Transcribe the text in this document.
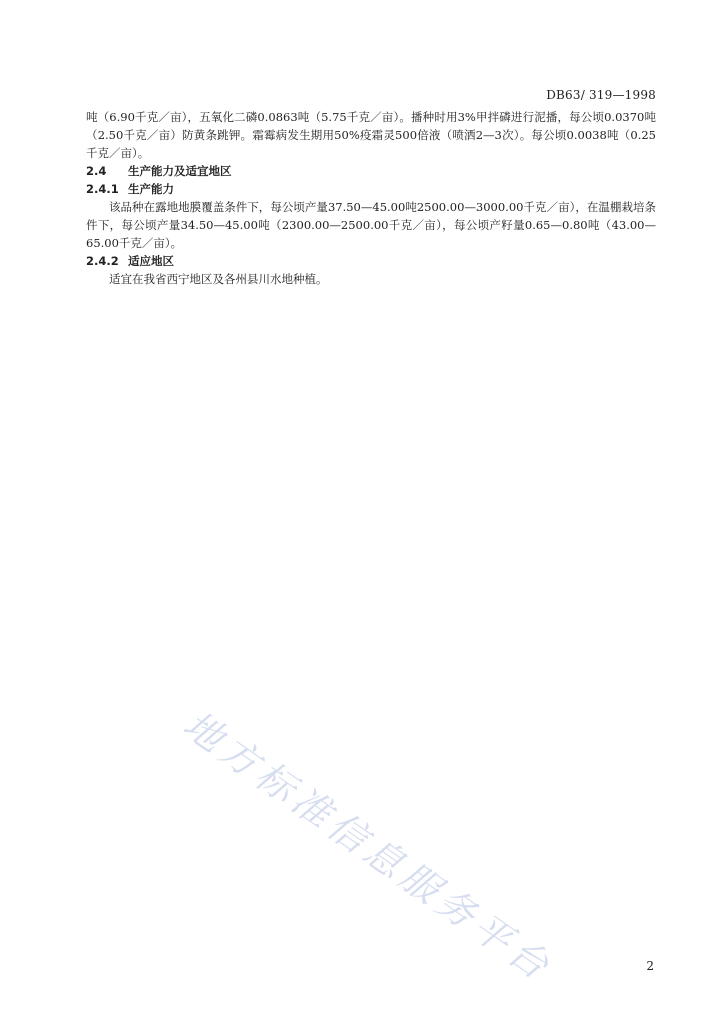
DB63/ 319—1998

吨（6.90千克／亩），五氧化二磷0.0863吨（5.75千克／亩）。播种时用3%甲拌磷进行泥播，每公顷0.0370吨（2.50千克／亩）防黄条跳钾。霜霉病发生期用50%疫霜灵500倍液（喷洒2—3次）。每公顷0.0038吨（0.25千克／亩）。

2.4 生产能力及适宜地区

2.4.1 生产能力

该品种在露地地膜覆盖条件下，每公顷产量37.50—45.00吨2500.00—3000.00千克／亩），在温棚栽培条件下，每公顷产量34.50—45.00吨（2300.00—2500.00千克／亩），每公顷产籽量0.65—0.80吨（43.00—65.00千克／亩）。

2.4.2 适应地区

适宜在我省西宁地区及各州县川水地种植。

地方标准信息服务平台	2
